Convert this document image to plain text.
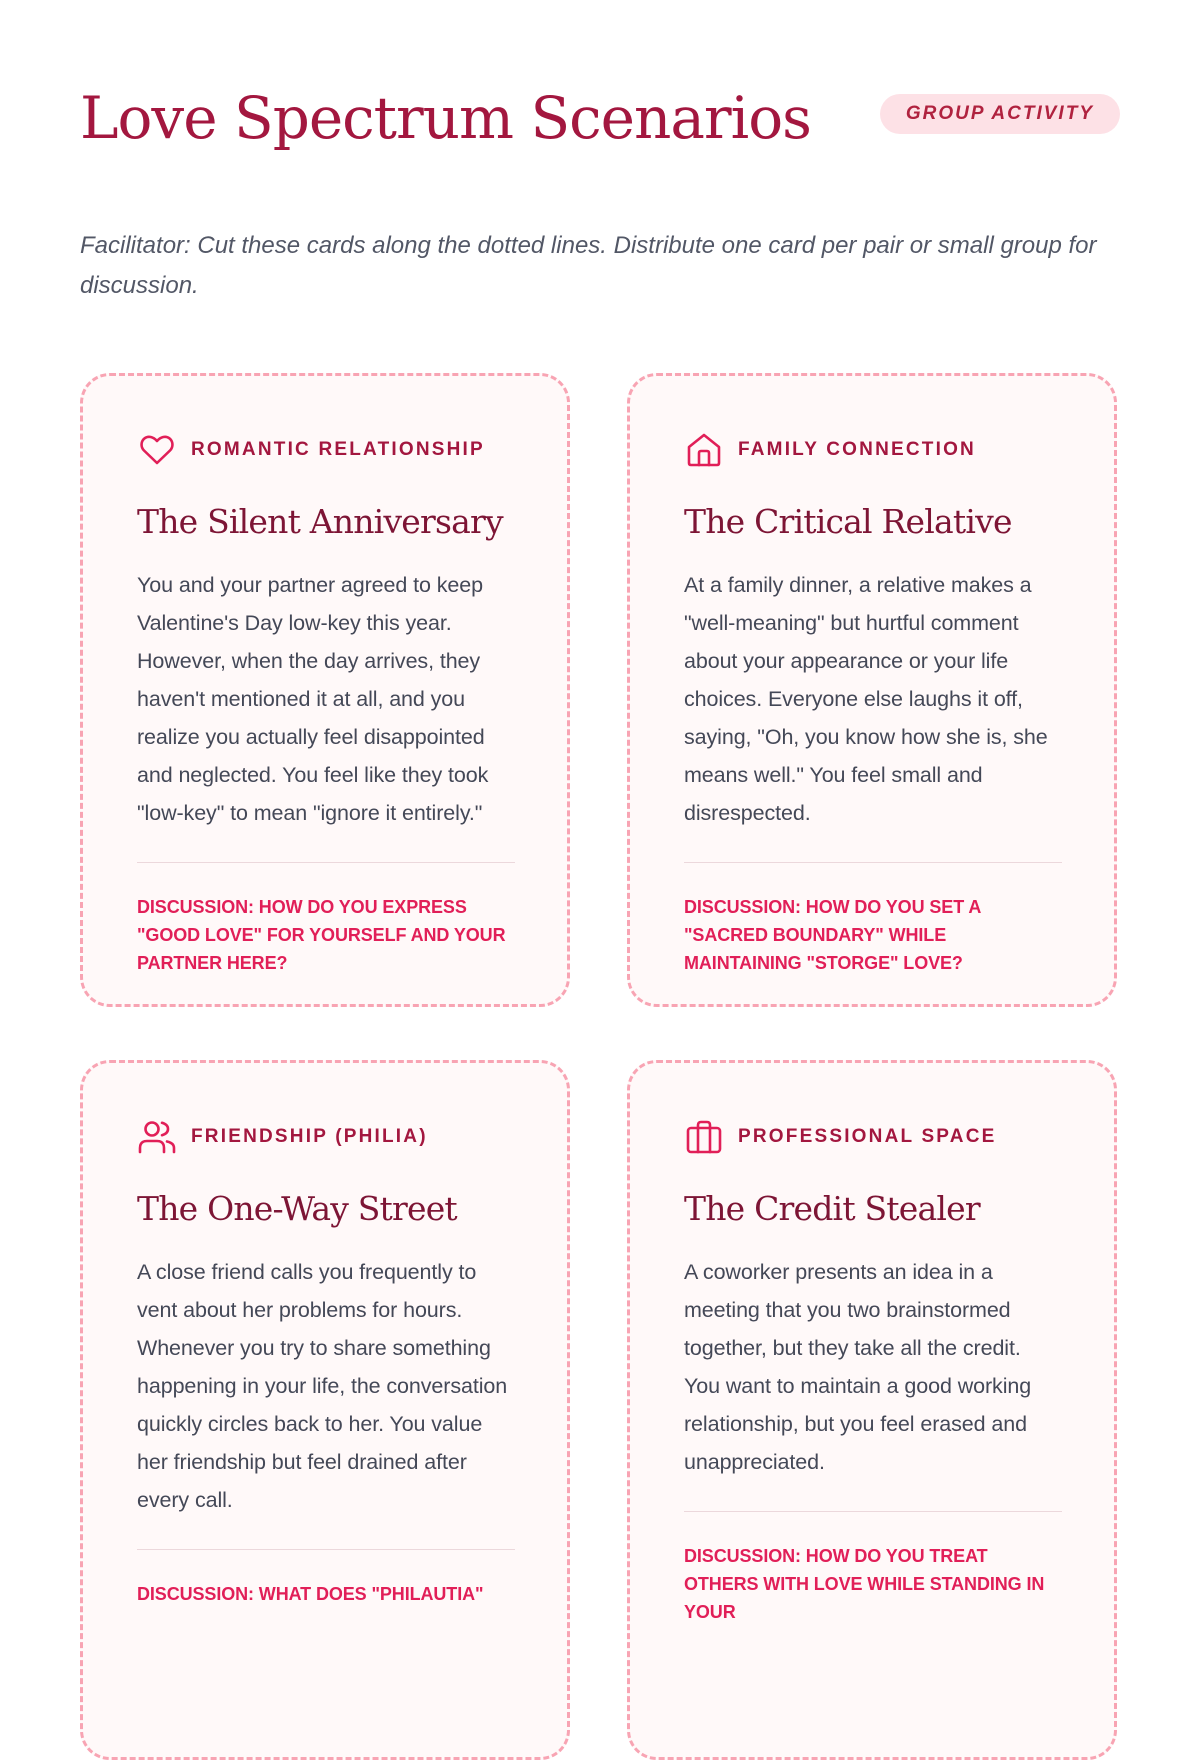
Love Spectrum Scenarios	GROUP ACTIVITY

Facilitator: Cut these cards along the dotted lines. Distribute one card per pair or small group for discussion.

ROMANTIC RELATIONSHIP
The Silent Anniversary

You and your partner agreed to keep Valentine's Day low-key this year. However, when the day arrives, they haven't mentioned it at all, and you realize you actually feel disappointed and neglected. You feel like they took "low-key" to mean "ignore it entirely."

DISCUSSION: HOW DO YOU EXPRESS "GOOD LOVE" FOR YOURSELF AND YOUR PARTNER HERE?

FAMILY CONNECTION
The Critical Relative

At a family dinner, a relative makes a "well-meaning" but hurtful comment about your appearance or your life choices. Everyone else laughs it off, saying, "Oh, you know how she is, she means well." You feel small and disrespected.

DISCUSSION: HOW DO YOU SET A "SACRED BOUNDARY" WHILE MAINTAINING "STORGE" LOVE?

FRIENDSHIP (PHILIA)
The One-Way Street

A close friend calls you frequently to vent about her problems for hours. Whenever you try to share something happening in your life, the conversation quickly circles back to her. You value her friendship but feel drained after every call.

DISCUSSION: WHAT DOES "PHILAUTIA"

PROFESSIONAL SPACE
The Credit Stealer

A coworker presents an idea in a meeting that you two brainstormed together, but they take all the credit. You want to maintain a good working relationship, but you feel erased and unappreciated.

DISCUSSION: HOW DO YOU TREAT OTHERS WITH LOVE WHILE STANDING IN YOUR
